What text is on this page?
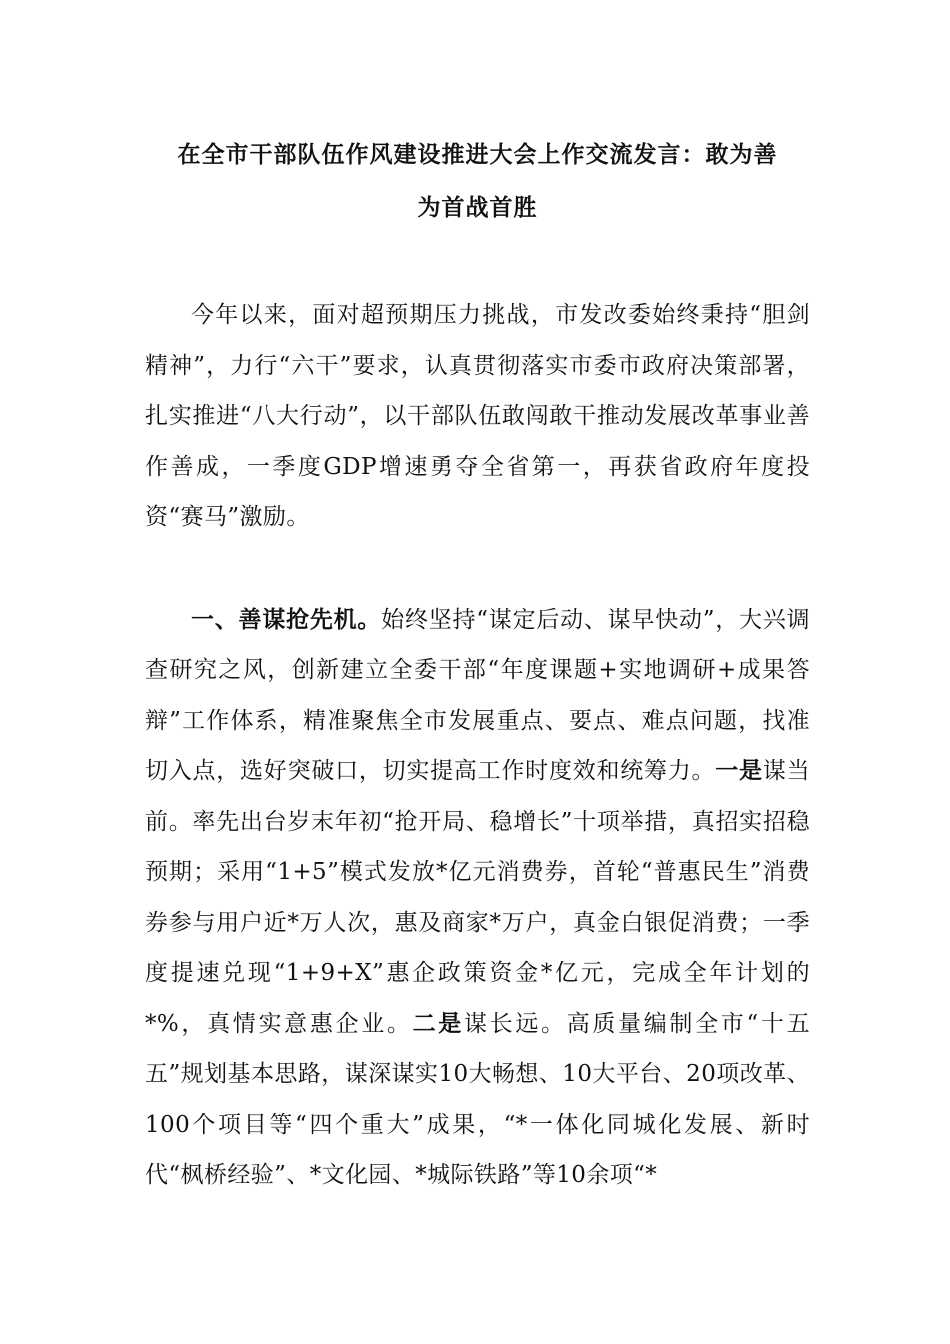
在全市干部队伍作风建设推进大会上作交流发言：敢为善
为首战首胜

今年以来，面对超预期压力挑战，市发改委始终秉持“胆剑精神”，力行“六干”要求，认真贯彻落实市委市政府决策部署，扎实推进“八大行动”，以干部队伍敢闯敢干推动发展改革事业善作善成，一季度GDP增速勇夺全省第一，再获省政府年度投资“赛马”激励。

一、善谋抢先机。始终坚持“谋定后动、谋早快动”，大兴调查研究之风，创新建立全委干部“年度课题+实地调研+成果答辩”工作体系，精准聚焦全市发展重点、要点、难点问题，找准切入点，选好突破口，切实提高工作时度效和统筹力。一是谋当前。率先出台岁末年初“抢开局、稳增长”十项举措，真招实招稳预期；采用“1+5”模式发放*亿元消费券，首轮“普惠民生”消费券参与用户近*万人次，惠及商家*万户，真金白银促消费；一季度提速兑现“1+9+X”惠企政策资金*亿元，完成全年计划的*%，真情实意惠企业。二是谋长远。高质量编制全市“十五五”规划基本思路，谋深谋实10大畅想、10大平台、20项改革、100个项目等“四个重大”成果，“*一体化同城化发展、新时代“枫桥经验”、*文化园、*城际铁路”等10余项“*
